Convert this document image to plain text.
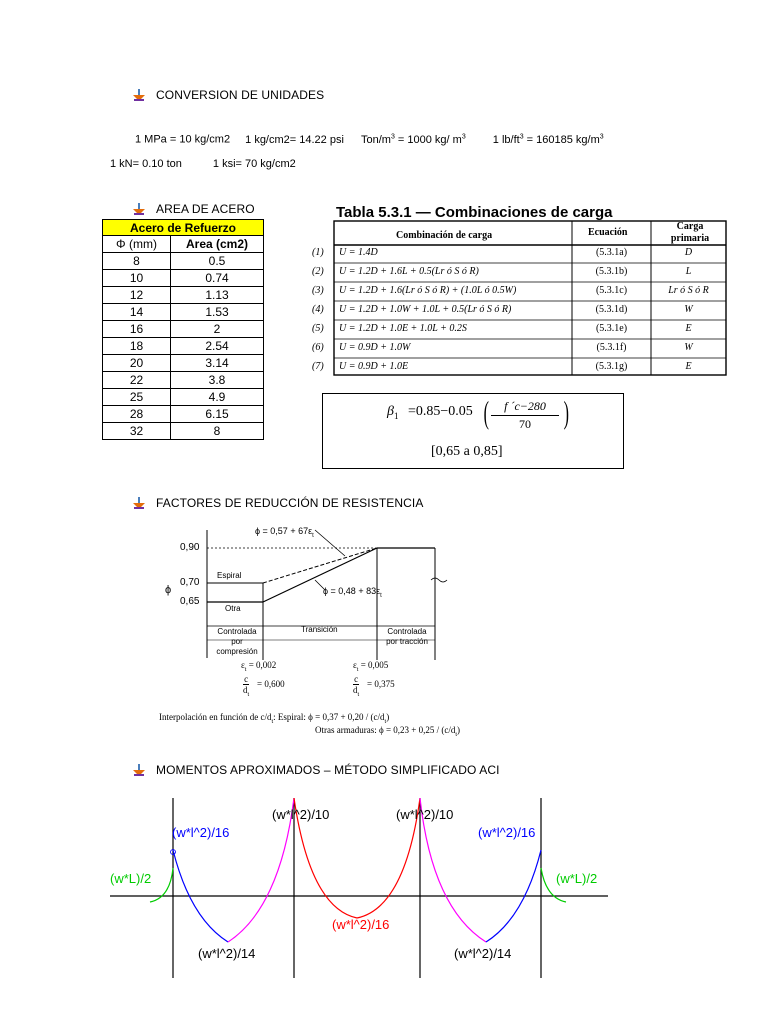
CONVERSION DE UNIDADES
1 MPa = 10 kg/cm2 1 kg/cm2= 14.22 psi Ton/$m^3 = 1000$ kg/ $m^3$ 1 $lb/ft^3 = 160185$ $kg/m^3$
1 kN= 0.10 ton	1 ksi= 70 kg/cm2
AREA DE ACERO
Acero de Refuerzo	
Φ (mm)	Area (cm2)
8	0.5
10	0.74
12	1.13
14	1.53
16	2
18	2.54
20	3.14
22	3.8
25	4.9
28	6.15
32	8
Tabla 5.3.1 — Combinaciones de carga
Combinación de carga	Ecuación
Carga primaria
(1) U = 1.4D	(5.3.1a)	D
(2) U = 1.2D + 1.6L + 0.5(Lr ó S ó R)	(5.3.1b)	L
(3) U = 1.2D + 1.6(Lr ó S ó R) + (1.0L ó 0.5W)	(5.3.1c)	Lr ó S ó R
(4) U = 1.2D + 1.0W + 1.0L + 0.5(Lr ó S ó R)	(5.3.1d)	W
(5) U = 1.2D + 1.0E + 1.0L + 0.2S	(5.3.1e)	E
(6) U = 0.9D + 1.0W	(5.3.1f)	W
(7) U = 0.9D + 1.0E	(5.3.1g)	E
$\beta_1 =0.85-0.05$ (	f ´c−280
70	)
[0,65 a 0,85]
FACTORES DE REDUCCIÓN DE RESISTENCIA
0,90
0,70
0,65
ϕ
$\phi = 0,57 + 67\varepsilon_t$
$\phi = 0,48 + 83\varepsilon_t$
Espiral
Otra
Controlada
por compresión
Transición	Controlada
por tracción
$\varepsilon_t = 0,002$	$\varepsilon_t = 0,005$
c
$d_t$
= 0,600	c
$d_t$
= 0,375
Interpolación en función de $c/d_t$: Espiral: $\phi = 0,37 + 0,20 / (c/d_t)$
Otras armaduras: $\phi = 0,23 + 0,25 / (c/d_t)$
MOMENTOS APROXIMADOS – MÉTODO SIMPLIFICADO ACI
(w*l^2)/10	(w*l^2)/10
(w*l^2)/16	(w*l^2)/16
(w*L)/2	(w*L)/2
(w*l^2)/16
(w*l^2)/14	(w*l^2)/14
